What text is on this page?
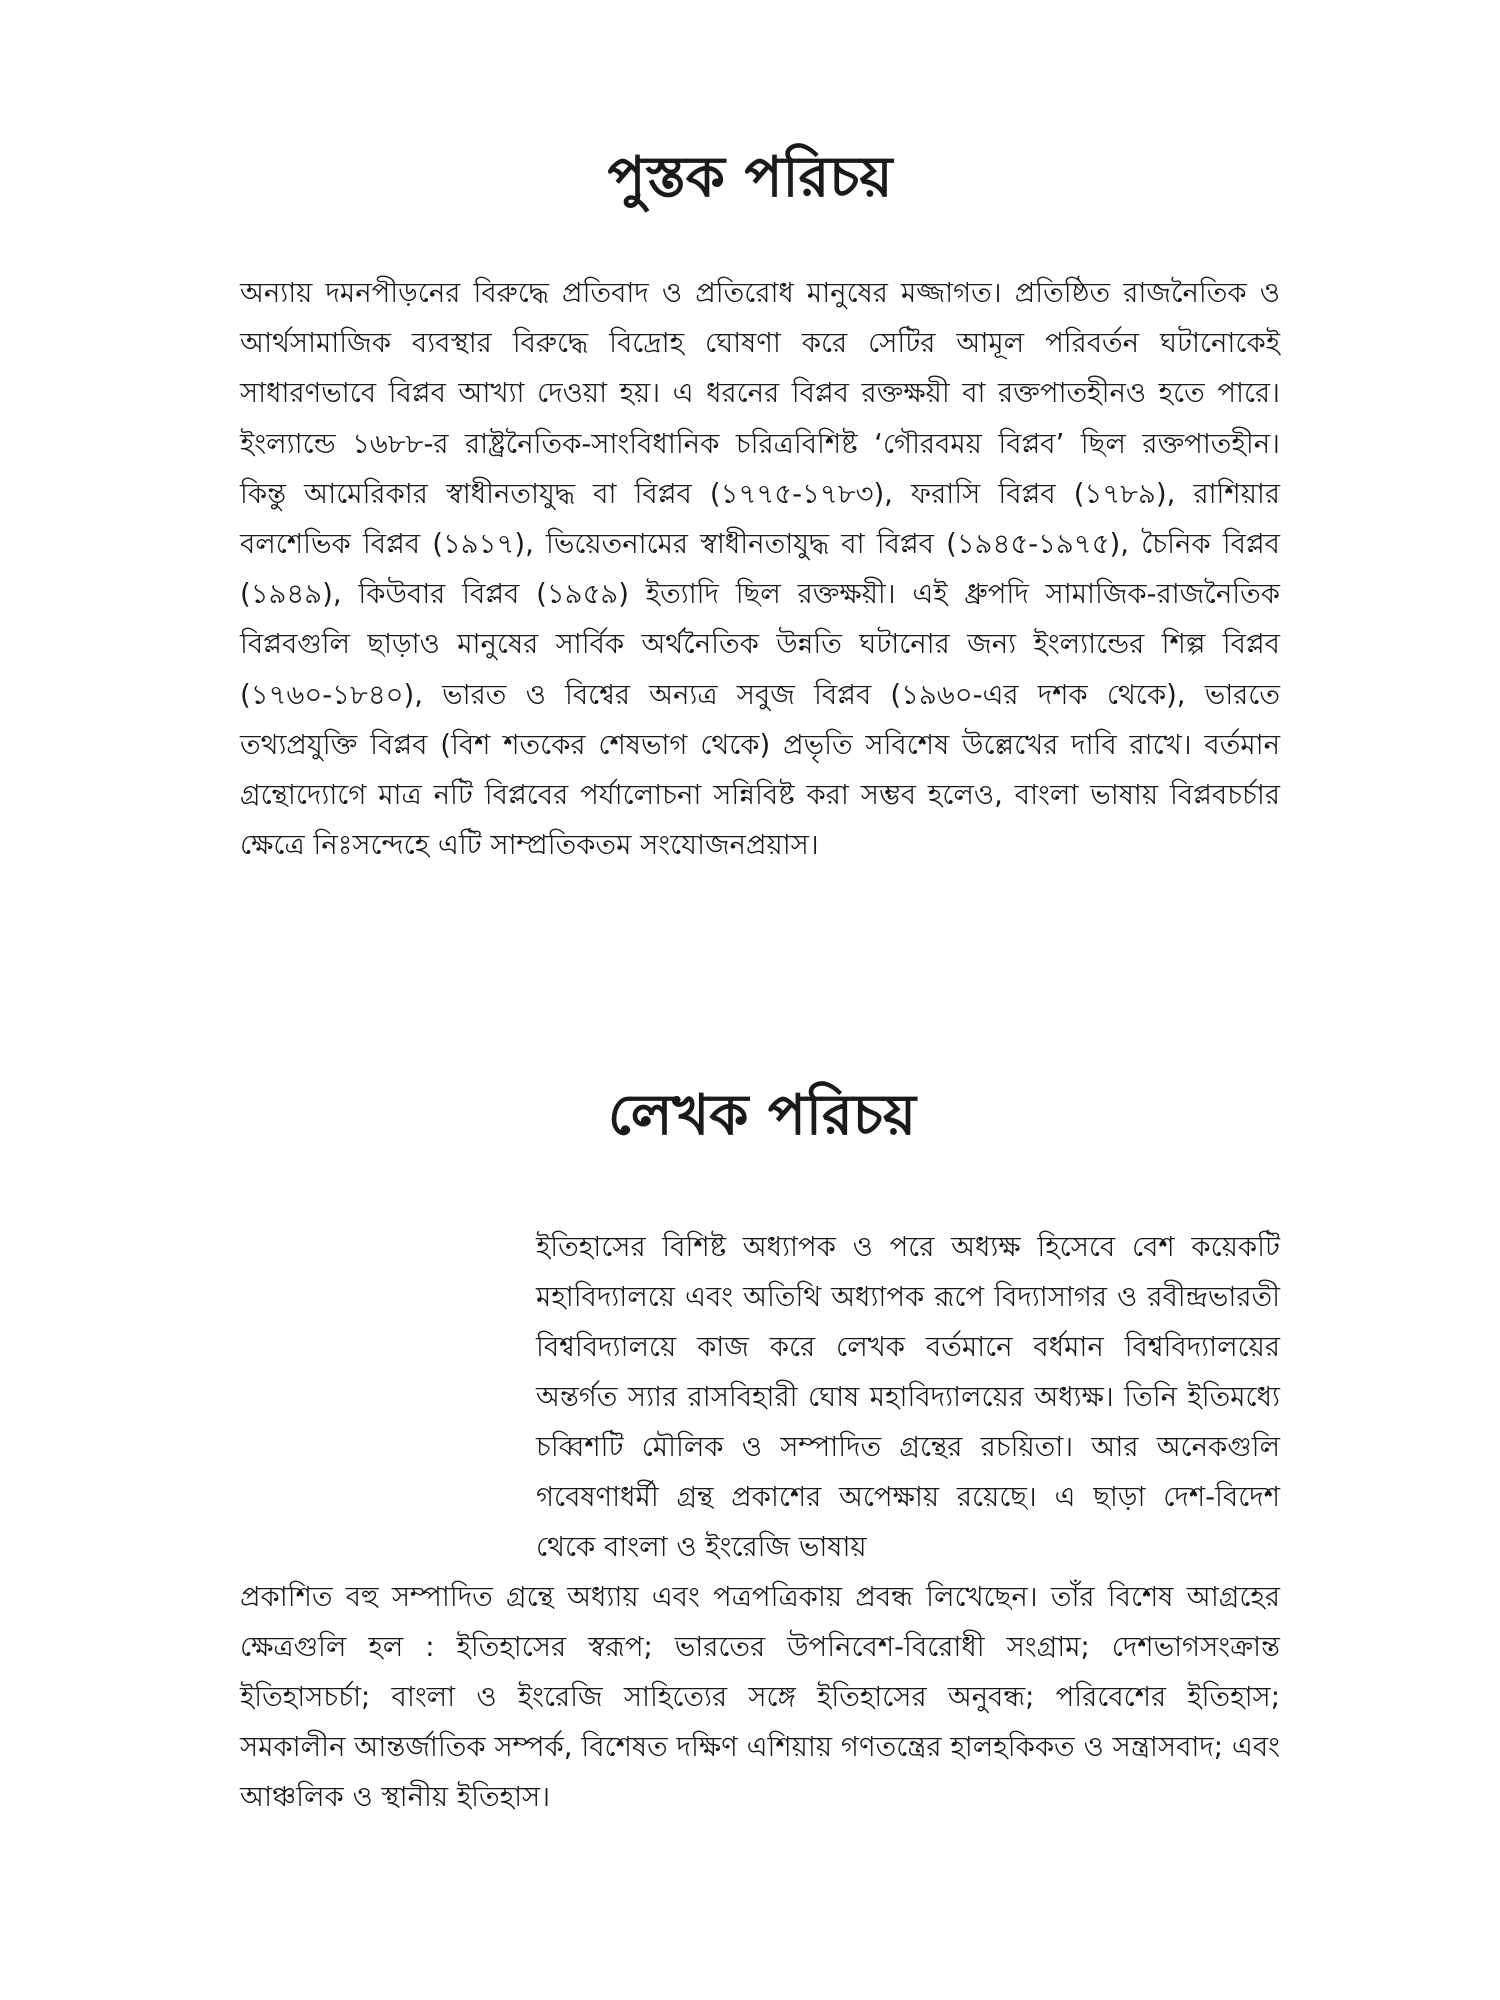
পুস্তক পরিচয়

অন্যায় দমনপীড়নের বিরুদ্ধে প্রতিবাদ ও প্রতিরোধ মানুষের মজ্জাগত। প্রতিষ্ঠিত রাজনৈতিক ও আর্থসামাজিক ব্যবস্থার বিরুদ্ধে বিদ্রোহ ঘোষণা করে সেটির আমূল পরিবর্তন ঘটানোকেই সাধারণভাবে বিপ্লব আখ্যা দেওয়া হয়। এ ধরনের বিপ্লব রক্তক্ষয়ী বা রক্তপাতহীনও হতে পারে। ইংল্যান্ডে ১৬৮৮-র রাষ্ট্রনৈতিক-সাংবিধানিক চরিত্রবিশিষ্ট ‘গৌরবময় বিপ্লব’ ছিল রক্তপাতহীন। কিন্তু আমেরিকার স্বাধীনতাযুদ্ধ বা বিপ্লব (১৭৭৫-১৭৮৩), ফরাসি বিপ্লব (১৭৮৯), রাশিয়ার বলশেভিক বিপ্লব (১৯১৭), ভিয়েতনামের স্বাধীনতাযুদ্ধ বা বিপ্লব (১৯৪৫-১৯৭৫), চৈনিক বিপ্লব (১৯৪৯), কিউবার বিপ্লব (১৯৫৯) ইত্যাদি ছিল রক্তক্ষয়ী। এই ধ্রুপদি সামাজিক-রাজনৈতিক বিপ্লবগুলি ছাড়াও মানুষের সার্বিক অর্থনৈতিক উন্নতি ঘটানোর জন্য ইংল্যান্ডের শিল্প বিপ্লব (১৭৬০-১৮৪০), ভারত ও বিশ্বের অন্যত্র সবুজ বিপ্লব (১৯৬০-এর দশক থেকে), ভারতে তথ্যপ্রযুক্তি বিপ্লব (বিশ শতকের শেষভাগ থেকে) প্রভৃতি সবিশেষ উল্লেখের দাবি রাখে। বর্তমান গ্রন্থোদ্যোগে মাত্র নটি বিপ্লবের পর্যালোচনা সন্নিবিষ্ট করা সম্ভব হলেও, বাংলা ভাষায় বিপ্লবচর্চার ক্ষেত্রে নিঃসন্দেহে এটি সাম্প্রতিকতম সংযোজনপ্রয়াস।

লেখক পরিচয়

ইতিহাসের বিশিষ্ট অধ্যাপক ও পরে অধ্যক্ষ হিসেবে বেশ কয়েকটি মহাবিদ্যালয়ে এবং অতিথি অধ্যাপক রূপে বিদ্যাসাগর ও রবীন্দ্রভারতী বিশ্ববিদ্যালয়ে কাজ করে লেখক বর্তমানে বর্ধমান বিশ্ববিদ্যালয়ের অন্তর্গত স্যার রাসবিহারী ঘোষ মহাবিদ্যালয়ের অধ্যক্ষ। তিনি ইতিমধ্যে চব্বিশটি মৌলিক ও সম্পাদিত গ্রন্থের রচয়িতা। আর অনেকগুলি গবেষণাধর্মী গ্রন্থ প্রকাশের অপেক্ষায় রয়েছে। এ ছাড়া দেশ-বিদেশ থেকে বাংলা ও ইংরেজি ভাষায়

প্রকাশিত বহু সম্পাদিত গ্রন্থে অধ্যায় এবং পত্রপত্রিকায় প্রবন্ধ লিখেছেন। তাঁর বিশেষ আগ্রহের ক্ষেত্রগুলি হল : ইতিহাসের স্বরূপ; ভারতের উপনিবেশ-বিরোধী সংগ্রাম; দেশভাগসংক্রান্ত ইতিহাসচর্চা; বাংলা ও ইংরেজি সাহিত্যের সঙ্গে ইতিহাসের অনুবন্ধ; পরিবেশের ইতিহাস; সমকালীন আন্তর্জাতিক সম্পর্ক, বিশেষত দক্ষিণ এশিয়ায় গণতন্ত্রের হালহকিকত ও সন্ত্রাসবাদ; এবং আঞ্চলিক ও স্থানীয় ইতিহাস।
